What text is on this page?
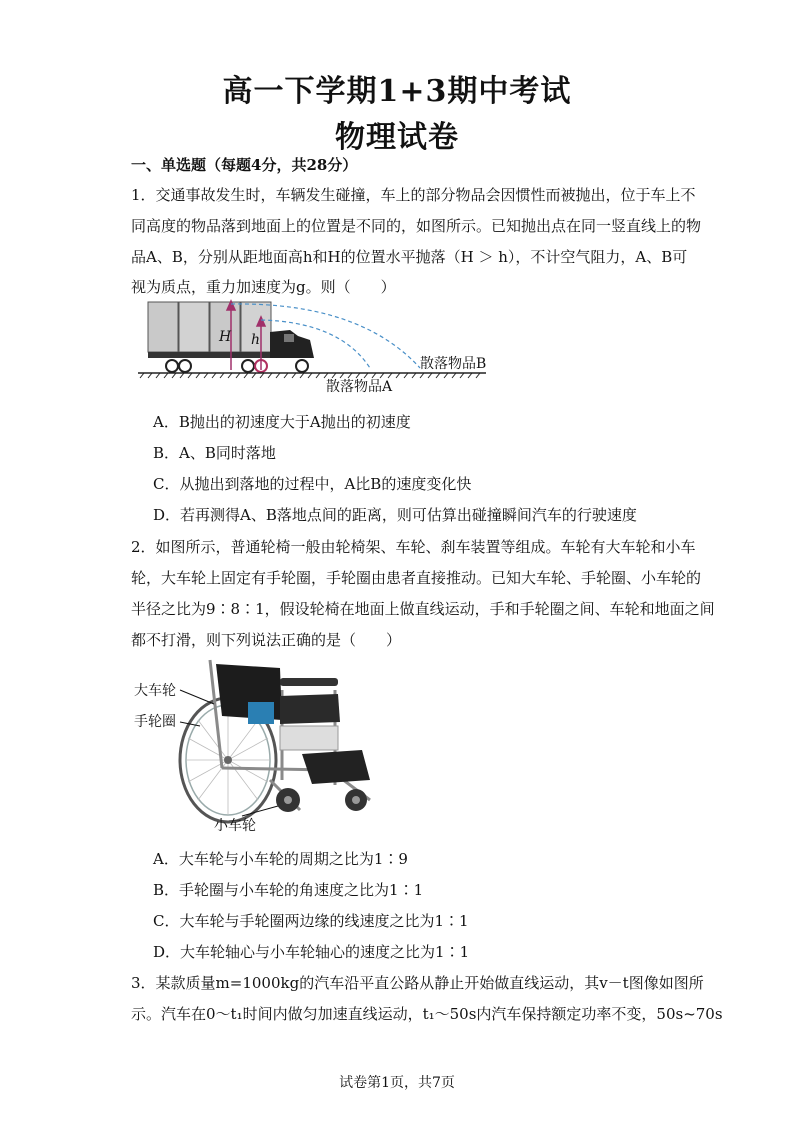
高一下学期1+3期中考试
物理试卷
一、单选题（每题4分，共28分）
1．交通事故发生时，车辆发生碰撞，车上的部分物品会因惯性而被抛出，位于车上不
同高度的物品落到地面上的位置是不同的，如图所示。已知抛出点在同一竖直线上的物
品A、B，分别从距地面高h和H的位置水平抛落（H ＞ h），不计空气阻力，A、B可
视为质点，重力加速度为g。则（　　）
H h
散落物品B
散落物品A
A．B抛出的初速度大于A抛出的初速度
B．A、B同时落地
C．从抛出到落地的过程中，A比B的速度变化快
D．若再测得A、B落地点间的距离，则可估算出碰撞瞬间汽车的行驶速度
2．如图所示，普通轮椅一般由轮椅架、车轮、刹车装置等组成。车轮有大车轮和小车
轮，大车轮上固定有手轮圈，手轮圈由患者直接推动。已知大车轮、手轮圈、小车轮的
半径之比为9∶8∶1，假设轮椅在地面上做直线运动，手和手轮圈之间、车轮和地面之间
都不打滑，则下列说法正确的是（　　）
大车轮
手轮圈
小车轮
A．大车轮与小车轮的周期之比为1∶9
B．手轮圈与小车轮的角速度之比为1∶1
C．大车轮与手轮圈两边缘的线速度之比为1∶1
D．大车轮轴心与小车轮轴心的速度之比为1∶1
3．某款质量m=1000kg的汽车沿平直公路从静止开始做直线运动，其v－t图像如图所
示。汽车在0～t₁时间内做匀加速直线运动，t₁～50s内汽车保持额定功率不变，50s~70s
试卷第1页，共7页
